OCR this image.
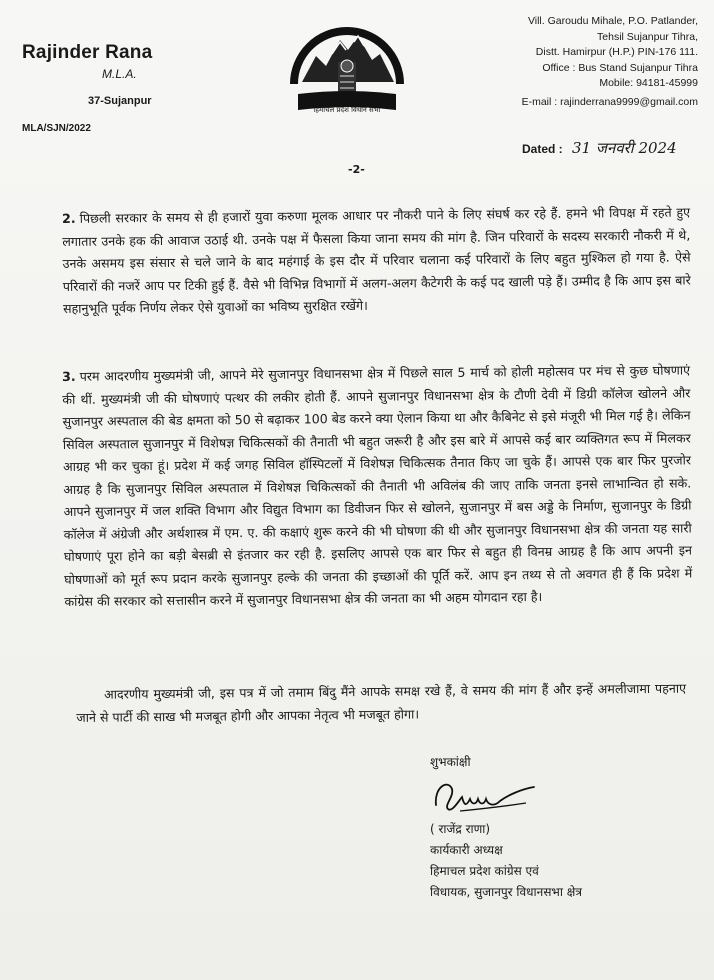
Rajinder Rana
M.L.A.
37-Sujanpur
MLA/SJN/2022
हिमाचल प्रदेश विधान सभा
Vill. Garoudu Mihale, P.O. Patlander,
Tehsil Sujanpur Tihra,
Distt. Hamirpur (H.P.) PIN-176 111.
Office : Bus Stand Sujanpur Tihra
Mobile: 94181-45999
E-mail : rajinderrana9999@gmail.com
Dated : 31 जनवरी 2024
-2-

2. पिछली सरकार के समय से ही हजारों युवा करुणा मूलक आधार पर नौकरी पाने के लिए संघर्ष कर रहे हैं. हमने भी विपक्ष में रहते हुए लगातार उनके हक की आवाज उठाई थी. उनके पक्ष में फैसला किया जाना समय की मांग है. जिन परिवारों के सदस्य सरकारी नौकरी में थे, उनके असमय इस संसार से चले जाने के बाद महंगाई के इस दौर में परिवार चलाना कई परिवारों के लिए बहुत मुश्किल हो गया है. ऐसे परिवारों की नजरें आप पर टिकी हुई हैं. वैसे भी विभिन्न विभागों में अलग-अलग कैटेगरी के कई पद खाली पड़े हैं। उम्मीद है कि आप इस बारे सहानुभूति पूर्वक निर्णय लेकर ऐसे युवाओं का भविष्य सुरक्षित रखेंगे।

3. परम आदरणीय मुख्यमंत्री जी, आपने मेरे सुजानपुर विधानसभा क्षेत्र में पिछले साल 5 मार्च को होली महोत्सव पर मंच से कुछ घोषणाएं की थीं. मुख्यमंत्री जी की घोषणाएं पत्थर की लकीर होती हैं. आपने सुजानपुर विधानसभा क्षेत्र के टौणी देवी में डिग्री कॉलेज खोलने और सुजानपुर अस्पताल की बेड क्षमता को 50 से बढ़ाकर 100 बेड करने क्या ऐलान किया था और कैबिनेट से इसे मंजूरी भी मिल गई है। लेकिन सिविल अस्पताल सुजानपुर में विशेषज्ञ चिकित्सकों की तैनाती भी बहुत जरूरी है और इस बारे में आपसे कई बार व्यक्तिगत रूप में मिलकर आग्रह भी कर चुका हूं। प्रदेश में कई जगह सिविल हॉस्पिटलों में विशेषज्ञ चिकित्सक तैनात किए जा चुके हैं। आपसे एक बार फिर पुरजोर आग्रह है कि सुजानपुर सिविल अस्पताल में विशेषज्ञ चिकित्सकों की तैनाती भी अविलंब की जाए ताकि जनता इनसे लाभान्वित हो सके. आपने सुजानपुर में जल शक्ति विभाग और विद्युत विभाग का डिवीजन फिर से खोलने, सुजानपुर में बस अड्डे के निर्माण, सुजानपुर के डिग्री कॉलेज में अंग्रेजी और अर्थशास्त्र में एम. ए. की कक्षाएं शुरू करने की भी घोषणा की थी और सुजानपुर विधानसभा क्षेत्र की जनता यह सारी घोषणाएं पूरा होने का बड़ी बेसब्री से इंतजार कर रही है. इसलिए आपसे एक बार फिर से बहुत ही विनम्र आग्रह है कि आप अपनी इन घोषणाओं को मूर्त रूप प्रदान करके सुजानपुर हल्के की जनता की इच्छाओं की पूर्ति करें. आप इन तथ्य से तो अवगत ही हैं कि प्रदेश में कांग्रेस की सरकार को सत्तासीन करने में सुजानपुर विधानसभा क्षेत्र की जनता का भी अहम योगदान रहा है।

आदरणीय मुख्यमंत्री जी, इस पत्र में जो तमाम बिंदु मैंने आपके समक्ष रखे हैं, वे समय की मांग हैं और इन्हें अमलीजामा पहनाए जाने से पार्टी की साख भी मजबूत होगी और आपका नेतृत्व भी मजबूत होगा।

शुभकांक्षी
( राजेंद्र राणा)
कार्यकारी अध्यक्ष
हिमाचल प्रदेश कांग्रेस एवं
विधायक, सुजानपुर विधानसभा क्षेत्र
